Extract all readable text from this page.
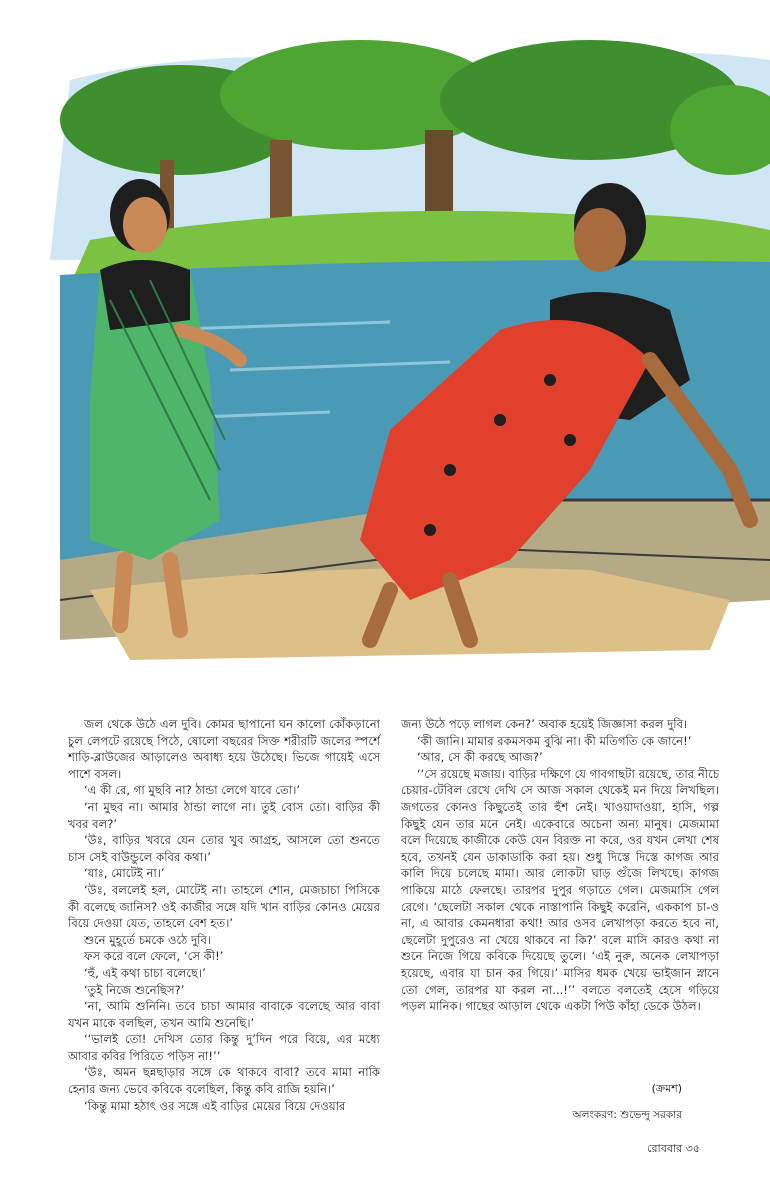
জল থেকে উঠে এল দুবি। কোমর ছাপানো ঘন কালো কোঁকড়ানো চুল লেপটে রয়েছে পিঠে, ষোলো বছরের সিক্ত শরীরটি জলের স্পর্শে শাড়ি-ব্লাউজের আড়ালেও অবাধ্য হয়ে উঠেছে। ভিজে গায়েই এসে পাশে বসল।

‘এ কী রে, গা মুছবি না? ঠান্ডা লেগে যাবে তো।’

‘না মুছব না। আমার ঠান্ডা লাগে না। তুই বোস তো। বাড়ির কী খবর বল?’

‘উঃ, বাড়ির খবরে যেন তোর খুব আগ্রহ, আসলে তো শুনতে চাস সেই বাউন্ডুলে কবির কথা।’

‘যাঃ, মোটেই না।’

‘উঃ, বললেই হল, মোটেই না। তাহলে শোন, মেজচাচা পিসিকে কী বলেছে জানিস? ওই কাজীর সঙ্গে যদি খান বাড়ির কোনও মেয়ের বিয়ে দেওয়া যেত, তাহলে বেশ হত।’

শুনে মুহূর্তে চমকে ওঠে দুবি।

ফস করে বলে ফেলে, ‘সে কী!’

‘হুঁ, এই কথা চাচা বলেছে।’

‘তুই নিজে শুনেছিস?’

‘না, আমি শুনিনি। তবে চাচা আমার বাবাকে বলেছে আর বাবা যখন মাকে বলছিল, তখন আমি শুনেছি।’

‘‘ভালই তো! দেখিস তোর কিন্তু দু’দিন পরে বিয়ে, এর মধ্যে আবার কবির পিরিতে পড়িস না!’’

‘উঃ, অমন ছন্নছাড়ার সঙ্গে কে থাকবে বাবা? তবে মামা নাকি হেনার জন্য ভেবে কবিকে বলেছিল, কিন্তু কবি রাজি হয়নি।’

‘কিন্তু মামা হঠাৎ ওর সঙ্গে এই বাড়ির মেয়ের বিয়ে দেওয়ার

জন্য উঠে পড়ে লাগল কেন?’ অবাক হয়েই জিজ্ঞাসা করল দুবি।

‘কী জানি। মামার রকমসকম বুঝি না। কী মতিগতি কে জানে!’

‘আর, সে কী করছে আজ?’

‘‘সে রয়েছে মজায়। বাড়ির দক্ষিণে যে গাবগাছটা রয়েছে, তার নীচে চেয়ার-টেবিল রেখে দেখি সে আজ সকাল থেকেই মন দিয়ে লিখছিল। জগতের কোনও কিছুতেই তার হুঁশ নেই। খাওয়াদাওয়া, হাসি, গল্প কিছুই যেন তার মনে নেই। একেবারে অচেনা অন্য মানুষ। মেজমামা বলে দিয়েছে কাজীকে কেউ যেন বিরক্ত না করে, ওর যখন লেখা শেষ হবে, তখনই যেন ডাকাডাকি করা হয়। শুধু দিস্তে দিস্তে কাগজ আর কালি দিয়ে চলেছে মামা। আর লোকটা ঘাড় গুঁজে লিখছে। কাগজ পাকিয়ে মাঠে ফেলছে। তারপর দুপুর গড়াতে গেল। মেজমাসি গেল রেগে। ‘ছেলেটা সকাল থেকে নাস্তাপানি কিছুই করেনি, এককাপ চা-ও না, এ আবার কেমনধারা কথা! আর ওসব লেখাপড়া করতে হবে না, ছেলেটা দুপুরেও না খেয়ে থাকবে না কি?’ বলে মাসি কারও কথা না শুনে নিজে গিয়ে কবিকে দিয়েছে তুলে। ‘এই নুরু, অনেক লেখাপড়া হয়েছে, এবার যা চান কর গিয়ে।’ মাসির ধমক খেয়ে ভাইজান স্নানে তো গেল, তারপর যা করল না...!’’ বলতে বলতেই হেসে গড়িয়ে পড়ল মানিক। গাছের আড়াল থেকে একটা পিউ কাঁহা ডেকে উঠল।

(ক্রমশ)
অলংকরণ: শুভেন্দু সরকার
রোববার ৩৫
